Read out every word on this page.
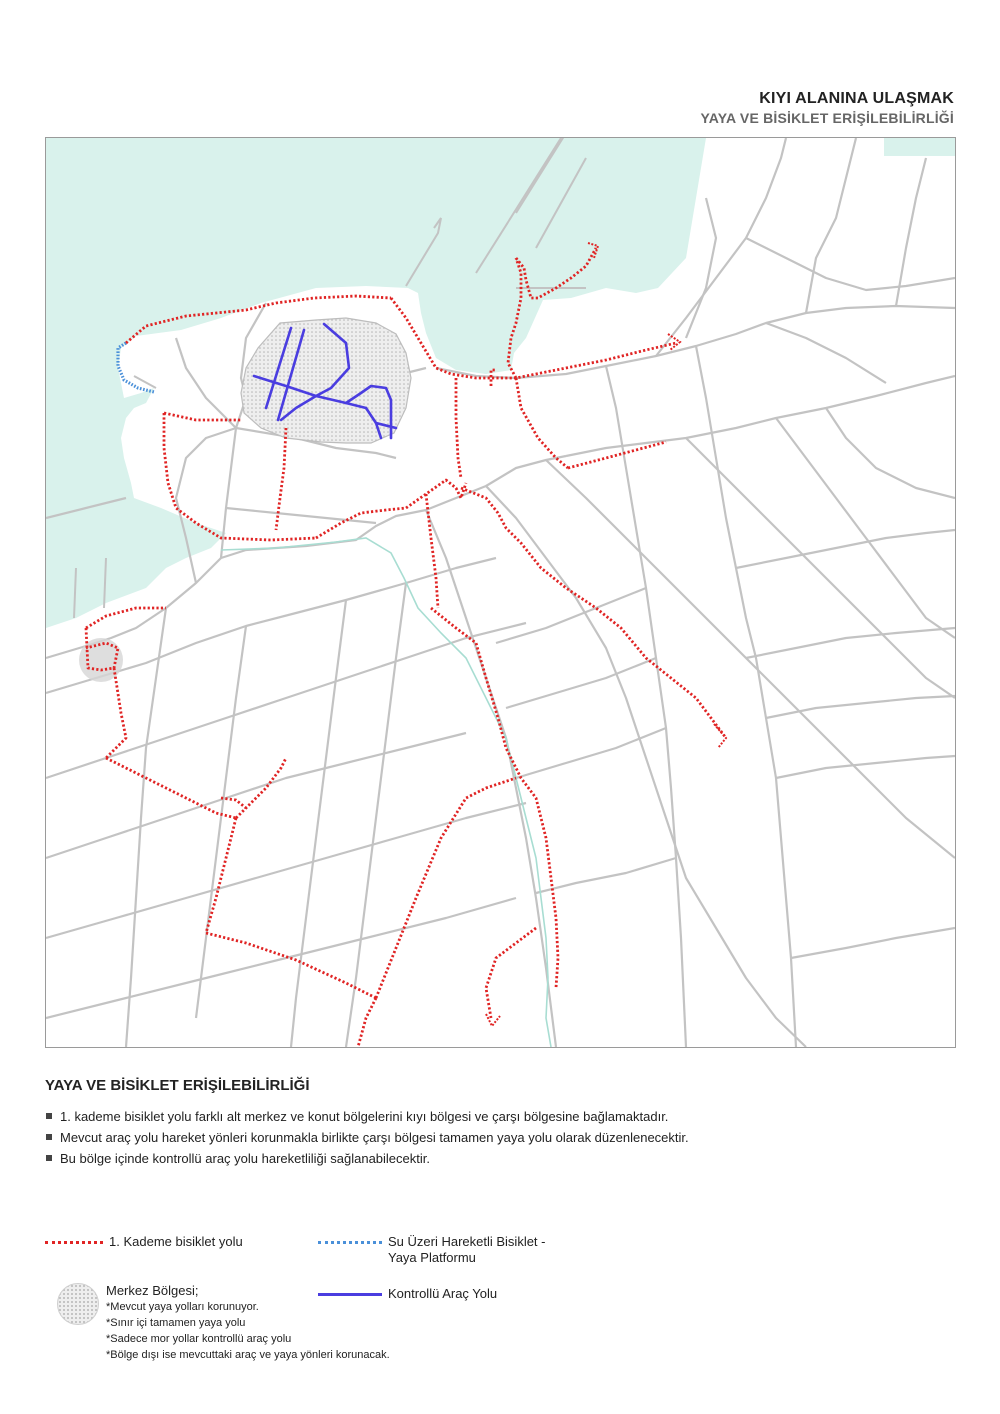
KIYI ALANINA ULAŞMAK
YAYA VE BİSİKLET ERİŞİLEBİLİRLİĞİ
YAYA VE BİSİKLET ERİŞİLEBİLİRLİĞİ
1. kademe bisiklet yolu farklı alt merkez ve konut bölgelerini kıyı bölgesi ve çarşı bölgesine bağlamaktadır.
Mevcut araç yolu hareket yönleri korunmakla birlikte çarşı bölgesi tamamen yaya yolu olarak düzenlenecektir.
Bu bölge içinde kontrollü araç yolu hareketliliği sağlanabilecektir.
1. Kademe bisiklet yolu	Su Üzeri Hareketli Bisiklet -
Yaya Platformu
Merkez Bölgesi;
*Mevcut yaya yolları korunuyor.
*Sınır içi tamamen yaya yolu
*Sadece mor yollar kontrollü araç yolu
*Bölge dışı ise mevcuttaki araç ve yaya yönleri korunacak.
Kontrollü Araç Yolu
